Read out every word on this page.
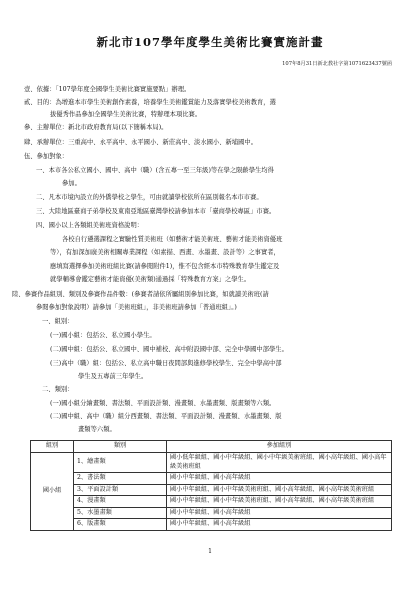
新北市107學年度學生美術比賽實施計畫
107年8月31日新北教社字第1071623437號函
壹、依據：「107學年度全國學生美術比賽實施要點」辦理。
貳、目的：為增進本市學生美術創作素養，培養學生美術鑑賞能力及落實學校美術教育，選
拔優秀作品參加全國學生美術比賽，特辦理本項比賽。
參、主辦單位：新北市政府教育局(以下簡稱本局)。
肆、承辦單位：三重高中、永平高中、永平國小、新莊高中、淡水國小、新埔國中。
伍、參加對象：
一、本市各公私立國小、國中、高中（職）(含五專一至三年級)等在學之限齡學生均得
參加。
二、凡本市境內設立的外僑學校之學生，可由就讀學校依所在區別報名本市市賽。
三、大陸地區臺商子弟學校及東南亞地區臺灣學校請參加本市「臺商學校專區」市賽。
四、國小以上各類組美術班資格說明：
各校自行遴選課程之實驗性質美術班（如藝術才能美術班、藝術才能美術資優班
等），有加深加廣美術相關專業課程（如素描、西畫、水墨畫、設計等）之事實者，
應填寫選擇參加美術班組比賽(請參閱附件1)，惟不包含經本市特殊教育學生鑑定及
就學輔導會鑑定藝術才能資優(美術類)通過採「特殊教育方案」之學生。
陸、參賽作品組別、類別及參賽作品件數：(參賽者請依所屬組別參加比賽，如就讀美術班(請
參閱參加對象說明）請參加「美術班組」，非美術班請參加「普通班組」。)
一、組別：
(一)國小組：包括公、私立國小學生。
(二)國中組：包括公、私立國中、國中補校、高中附設國中部、完全中學國中部學生。
(三)高中（職）組：包括公、私立高中職日夜間部與進修學校學生、完全中學高中部
學生及五專前三年學生。
二、類別：
(一)國小組分繪畫類、書法類、平面設計類、漫畫類、水墨畫類、版畫類等六類。
(二)國中組、高中（職）組分西畫類、書法類、平面設計類、漫畫類、水墨畫類、版
畫類等六類。
組別	類別	參加組別
國小組	1、繪畫類	國小低年級組、國小中年級組、國小中年級美術班組、國小高年級組、國小高年級美術班組
	2、書法類	國小中年級組、國小高年級組
	3、平面設計類	國小中年級組、國小中年級美術班組、國小高年級組、國小高年級美術班組
	4、漫畫類	國小中年級組、國小中年級美術班組、國小高年級組、國小高年級美術班組
	5、水墨畫類	國小中年級組、國小高年級組
	6、版畫類	國小中年級組、國小高年級組
1
